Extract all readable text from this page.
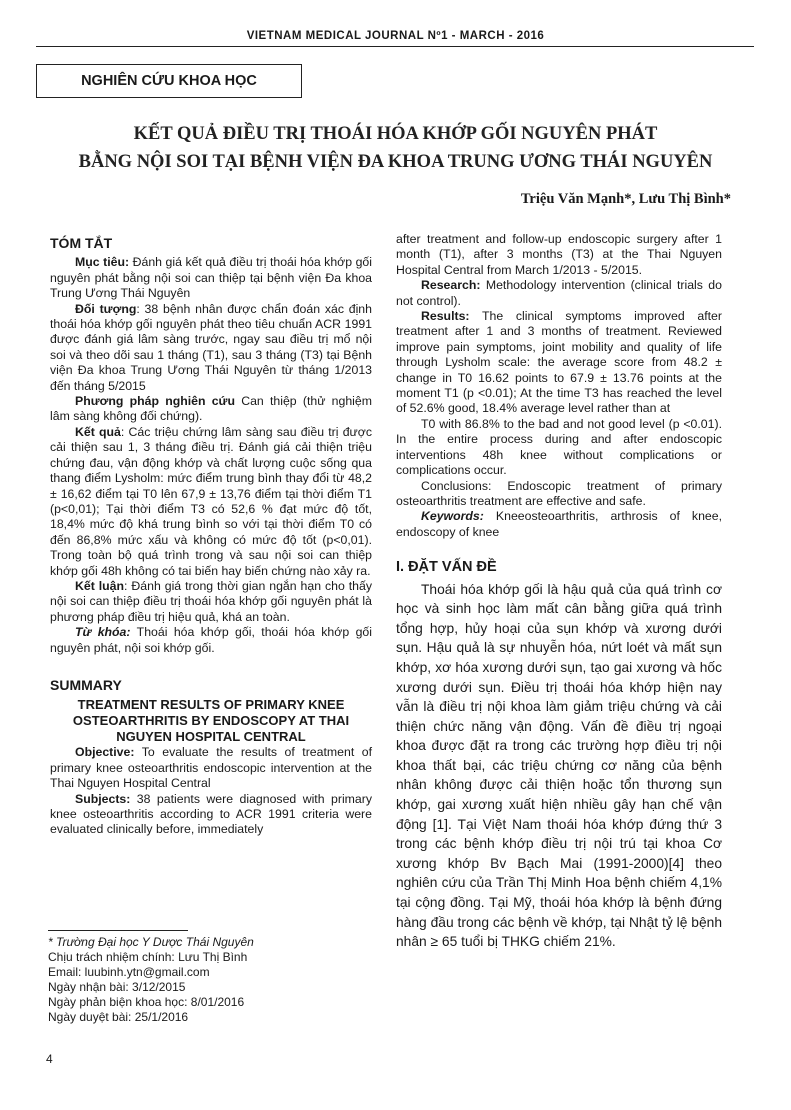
VIETNAM MEDICAL JOURNAL Nº1 - MARCH - 2016
NGHIÊN CỨU KHOA HỌC
KẾT QUẢ ĐIỀU TRỊ THOÁI HÓA KHỚP GỐI NGUYÊN PHÁT
BẰNG NỘI SOI TẠI BỆNH VIỆN ĐA KHOA TRUNG ƯƠNG THÁI NGUYÊN
Triệu Văn Mạnh*, Lưu Thị Bình*
TÓM TẮT

Mục tiêu: Đánh giá kết quả điều trị thoái hóa khớp gối nguyên phát bằng nội soi can thiệp tại bệnh viện Đa khoa Trung Ương Thái Nguyên

Đối tượng: 38 bệnh nhân được chẩn đoán xác định thoái hóa khớp gối nguyên phát theo tiêu chuẩn ACR 1991 được đánh giá lâm sàng trước, ngay sau điều trị mổ nội soi và theo dõi sau 1 tháng (T1), sau 3 tháng (T3) tại Bệnh viện Đa khoa Trung Ương Thái Nguyên từ tháng 1/2013 đến tháng 5/2015

Phương pháp nghiên cứu Can thiệp (thử nghiệm lâm sàng không đối chứng).

Kết quả: Các triệu chứng lâm sàng sau điều trị được cải thiện sau 1, 3 tháng điều trị. Đánh giá cải thiện triệu chứng đau, vận động khớp và chất lượng cuộc sống qua thang điểm Lysholm: mức điểm trung bình thay đổi từ 48,2 ± 16,62 điểm tại T0 lên 67,9 ± 13,76 điểm tại thời điểm T1 (p<0,01); Tại thời điểm T3 có 52,6 % đạt mức độ tốt, 18,4% mức độ khá trung bình so với tại thời điểm T0 có đến 86,8% mức xấu và không có mức độ tốt (p<0,01). Trong toàn bộ quá trình trong và sau nội soi can thiệp khớp gối 48h không có tai biến hay biến chứng nào xảy ra.

Kết luận: Đánh giá trong thời gian ngắn hạn cho thấy nội soi can thiệp điều trị thoái hóa khớp gối nguyên phát là phương pháp điều trị hiệu quả, khá an toàn.

Từ khóa: Thoái hóa khớp gối, thoái hóa khớp gối nguyên phát, nội soi khớp gối.

SUMMARY
TREATMENT RESULTS OF PRIMARY KNEE OSTEOARTHRITIS BY ENDOSCOPY AT THAI NGUYEN HOSPITAL CENTRAL

Objective: To evaluate the results of treatment of primary knee osteoarthritis endoscopic intervention at the Thai Nguyen Hospital Central

Subjects: 38 patients were diagnosed with primary knee osteoarthritis according to ACR 1991 criteria were evaluated clinically before, immediately

* Trường Đại học Y Dược Thái Nguyên
Chịu trách nhiệm chính: Lưu Thị Bình
Email: luubinh.ytn@gmail.com
Ngày nhận bài: 3/12/2015
Ngày phản biện khoa học: 8/01/2016
Ngày duyệt bài: 25/1/2016

after treatment and follow-up endoscopic surgery after 1 month (T1), after 3 months (T3) at the Thai Nguyen Hospital Central from March 1/2013 - 5/2015.

Research: Methodology intervention (clinical trials do not control).

Results: The clinical symptoms improved after treatment after 1 and 3 months of treatment. Reviewed improve pain symptoms, joint mobility and quality of life through Lysholm scale: the average score from 48.2 ± change in T0 16.62 points to 67.9 ± 13.76 points at the moment T1 (p <0.01); At the time T3 has reached the level of 52.6% good, 18.4% average level rather than at

T0 with 86.8% to the bad and not good level (p <0.01). In the entire process during and after endoscopic interventions 48h knee without complications or complications occur.

Conclusions: Endoscopic treatment of primary osteoarthritis treatment are effective and safe.

Keywords: Kneeosteoarthritis, arthrosis of knee, endoscopy of knee

I. ĐẶT VẤN ĐỀ

Thoái hóa khớp gối là hậu quả của quá trình cơ học và sinh học làm mất cân bằng giữa quá trình tổng hợp, hủy hoại của sụn khớp và xương dưới sụn. Hậu quả là sự nhuyễn hóa, nứt loét và mất sụn khớp, xơ hóa xương dưới sụn, tạo gai xương và hốc xương dưới sụn. Điều trị thoái hóa khớp hiện nay vẫn là điều trị nội khoa làm giảm triệu chứng và cải thiện chức năng vận động. Vấn đề điều trị ngoại khoa được đặt ra trong các trường hợp điều trị nội khoa thất bại, các triệu chứng cơ năng của bệnh nhân không được cải thiện hoặc tổn thương sụn khớp, gai xương xuất hiện nhiều gây hạn chế vận động [1]. Tại Việt Nam thoái hóa khớp đứng thứ 3 trong các bệnh khớp điều trị nội trú tại khoa Cơ xương khớp Bv Bạch Mai (1991-2000)[4] theo nghiên cứu của Trần Thị Minh Hoa bệnh chiếm 4,1% tại cộng đồng. Tại Mỹ, thoái hóa khớp là bệnh đứng hàng đầu trong các bệnh về khớp, tại Nhật tỷ lệ bệnh nhân ≥ 65 tuổi bị THKG chiếm 21%.

4
